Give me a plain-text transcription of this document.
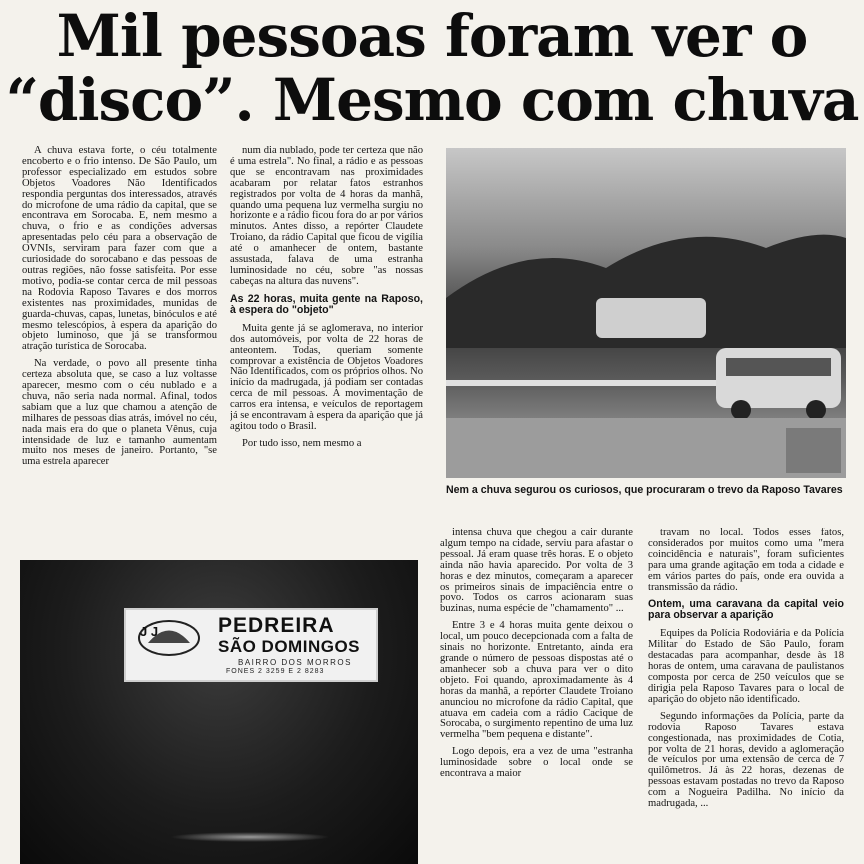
Mil pessoas foram ver o
“disco”. Mesmo com chuva

A chuva estava forte, o céu totalmente encoberto e o frio intenso. De São Paulo, um professor especializado em estudos sobre Objetos Voadores Não Identificados respondia perguntas dos interessados, através do microfone de uma rádio da capital, que se encontrava em Sorocaba. E, nem mesmo a chuva, o frio e as condições adversas apresentadas pelo céu para a observação de OVNIs, serviram para fazer com que a curiosidade do sorocabano e das pessoas de outras regiões, não fosse satisfeita. Por esse motivo, podia-se contar cerca de mil pessoas na Rodovia Raposo Tavares e dos morros existentes nas proximidades, munidas de guarda-chuvas, capas, lunetas, binóculos e até mesmo telescópios, à espera da aparição do objeto luminoso, que já se transformou atração turística de Sorocaba.

Na verdade, o povo all presente tinha certeza absoluta que, se caso a luz voltasse aparecer, mesmo com o céu nublado e a chuva, não seria nada normal. Afinal, todos sabiam que a luz que chamou a atenção de milhares de pessoas dias atrás, imóvel no céu, nada mais era do que o planeta Vênus, cuja intensidade de luz e tamanho aumentam muito nos meses de janeiro. Portanto, "se uma estrela aparecer

num dia nublado, pode ter certeza que não é uma estrela". No final, a rádio e as pessoas que se encontravam nas proximidades acabaram por relatar fatos estranhos registrados por volta de 4 horas da manhã, quando uma pequena luz vermelha surgiu no horizonte e a rádio ficou fora do ar por vários minutos. Antes disso, a repórter Claudete Troiano, da rádio Capital que ficou de vigília até o amanhecer de ontem, bastante assustada, falava de uma estranha luminosidade no céu, sobre "as nossas cabeças na altura das nuvens".

As 22 horas, muita gente na Raposo, à espera do "objeto"

Muita gente já se aglomerava, no interior dos automóveis, por volta de 22 horas de anteontem. Todas, queriam somente comprovar a existência de Objetos Voadores Não Identificados, com os próprios olhos. No início da madrugada, já podiam ser contadas cerca de mil pessoas. A movimentação de carros era intensa, e veículos de reportagem já se encontravam à espera da aparição que já agitou todo o Brasil.

Por tudo isso, nem mesmo a

Nem a chuva segurou os curiosos, que procuraram o trevo da Raposo Tavares
J J	PEDREIRA
SÃO DOMINGOS
BAIRRO DOS MORROS
FONES 2 3259 E 2 8283

intensa chuva que chegou a cair durante algum tempo na cidade, serviu para afastar o pessoal. Já eram quase três horas. E o objeto ainda não havia aparecido. Por volta de 3 horas e dez minutos, começaram a aparecer os primeiros sinais de impaciência entre o povo. Todos os carros acionaram suas buzinas, numa espécie de "chamamento" ...

Entre 3 e 4 horas muita gente deixou o local, um pouco decepcionada com a falta de sinais no horizonte. Entretanto, ainda era grande o número de pessoas dispostas até o amanhecer sob a chuva para ver o dito objeto. Foi quando, aproximadamente às 4 horas da manhã, a repórter Claudete Troiano anunciou no microfone da rádio Capital, que atuava em cadeia com a rádio Cacique de Sorocaba, o surgimento repentino de uma luz vermelha "bem pequena e distante".

Logo depois, era a vez de uma "estranha luminosidade sobre o local onde se encontrava a maior

travam no local. Todos esses fatos, considerados por muitos como uma "mera coincidência e naturais", foram suficientes para uma grande agitação em toda a cidade e em vários partes do país, onde era ouvida a transmissão da rádio.

Ontem, uma caravana da capital veio para observar a aparição

Equipes da Polícia Rodoviária e da Polícia Militar do Estado de São Paulo, foram destacadas para acompanhar, desde às 18 horas de ontem, uma caravana de paulistanos composta por cerca de 250 veículos que se dirigia pela Raposo Tavares para o local de aparição do objeto não identificado.

Segundo informações da Polícia, parte da rodovia Raposo Tavares estava congestionada, nas proximidades de Cotia, por volta de 21 horas, devido a aglomeração de veículos por uma extensão de cerca de 7 quilômetros. Já às 22 horas, dezenas de pessoas estavam postadas no trevo da Raposo com a Nogueira Padilha. No início da madrugada, ...
